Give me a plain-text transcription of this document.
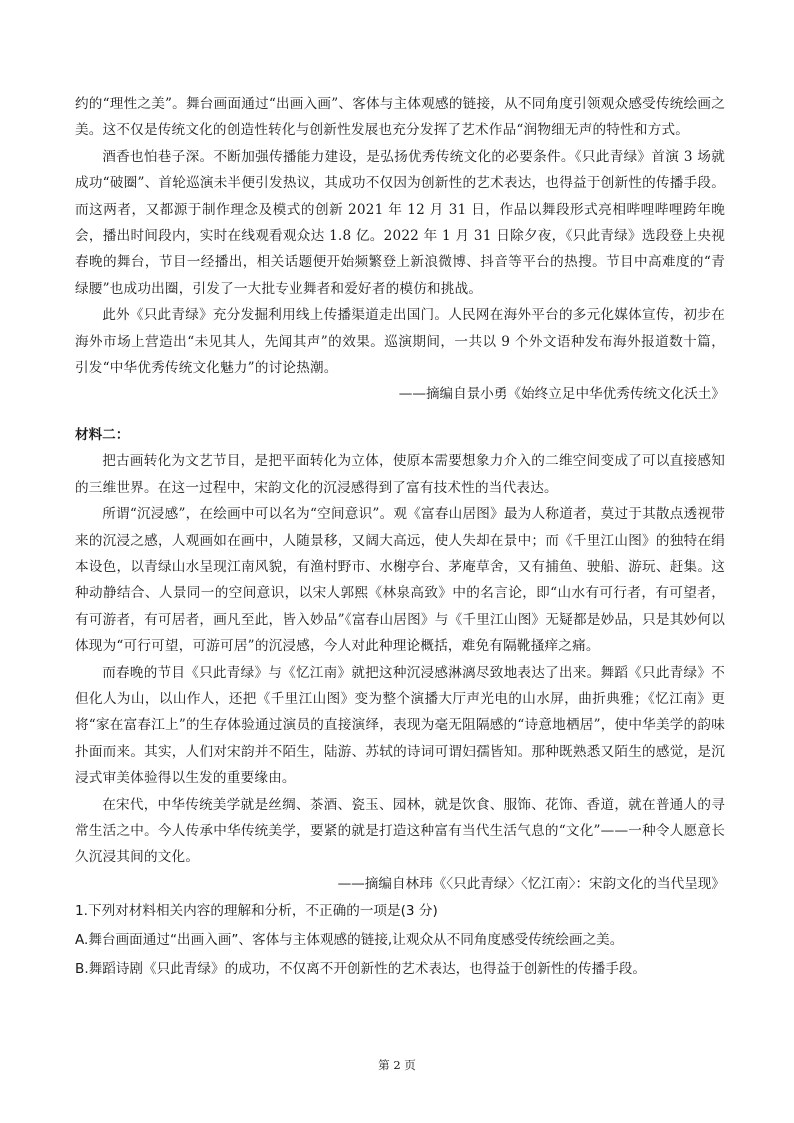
约的“理性之美”。舞台画面通过“出画入画”、客体与主体观感的链接，从不同角度引领观众感受传统绘画之美。这不仅是传统文化的创造性转化与创新性发展也充分发挥了艺术作品“润物细无声的特性和方式。

酒香也怕巷子深。不断加强传播能力建设，是弘扬优秀传统文化的必要条件。《只此青绿》首演 3 场就成功“破圈”、首轮巡演未半便引发热议，其成功不仅因为创新性的艺术表达，也得益于创新性的传播手段。而这两者，又都源于制作理念及模式的创新 2021 年 12 月 31 日，作品以舞段形式亮相哔哩哔哩跨年晚会，播出时间段内，实时在线观看观众达 1.8 亿。2022 年 1 月 31 日除夕夜，《只此青绿》选段登上央视春晚的舞台，节目一经播出，相关话题便开始频繁登上新浪微博、抖音等平台的热搜。节目中高难度的“青绿腰”也成功出圈，引发了一大批专业舞者和爱好者的模仿和挑战。

此外《只此青绿》充分发掘利用线上传播渠道走出国门。人民网在海外平台的多元化媒体宣传，初步在海外市场上营造出“未见其人，先闻其声”的效果。巡演期间，一共以 9 个外文语种发布海外报道数十篇，引发“中华优秀传统文化魅力”的讨论热潮。

——摘编自景小勇《始终立足中华优秀传统文化沃土》

材料二：

把古画转化为文艺节目，是把平面转化为立体，使原本需要想象力介入的二维空间变成了可以直接感知的三维世界。在这一过程中，宋韵文化的沉浸感得到了富有技术性的当代表达。

所谓“沉浸感”，在绘画中可以名为“空间意识”。观《富春山居图》最为人称道者，莫过于其散点透视带来的沉浸之感，人观画如在画中，人随景移，又阔大高远，使人失却在景中；而《千里江山图》的独特在绢本设色，以青绿山水呈现江南风貌，有渔村野市、水榭亭台、茅庵草舍，又有捕鱼、驶船、游玩、赶集。这种动静结合、人景同一的空间意识，以宋人郭熙《林泉高致》中的名言论，即“山水有可行者，有可望者，有可游者，有可居者，画凡至此，皆入妙品”《富春山居图》与《千里江山图》无疑都是妙品，只是其妙何以体现为“可行可望，可游可居”的沉浸感，今人对此种理论概括，难免有隔靴搔痒之痛。

而春晚的节目《只此青绿》与《忆江南》就把这种沉浸感淋漓尽致地表达了出来。舞蹈《只此青绿》不但化人为山，以山作人，还把《千里江山图》变为整个演播大厅声光电的山水屏，曲折典雅；《忆江南》更将“家在富春江上”的生存体验通过演员的直接演绎，表现为毫无阻隔感的“诗意地栖居”，使中华美学的韵味扑面而来。其实，人们对宋韵并不陌生，陆游、苏轼的诗词可谓妇孺皆知。那种既熟悉又陌生的感觉，是沉浸式审美体验得以生发的重要缘由。

在宋代，中华传统美学就是丝绸、茶酒、瓷玉、园林，就是饮食、服饰、花饰、香道，就在普通人的寻常生活之中。今人传承中华传统美学，要紧的就是打造这种富有当代生活气息的“文化”——一种令人愿意长久沉浸其间的文化。

——摘编自林玮《〈只此青绿〉〈忆江南〉：宋韵文化的当代呈现》

1.下列对材料相关内容的理解和分析，不正确的一项是(3 分)

A.舞台画面通过“出画入画”、客体与主体观感的链接,让观众从不同角度感受传统绘画之美。

B.舞蹈诗剧《只此青绿》的成功，不仅离不开创新性的艺术表达，也得益于创新性的传播手段。

第 2 页
